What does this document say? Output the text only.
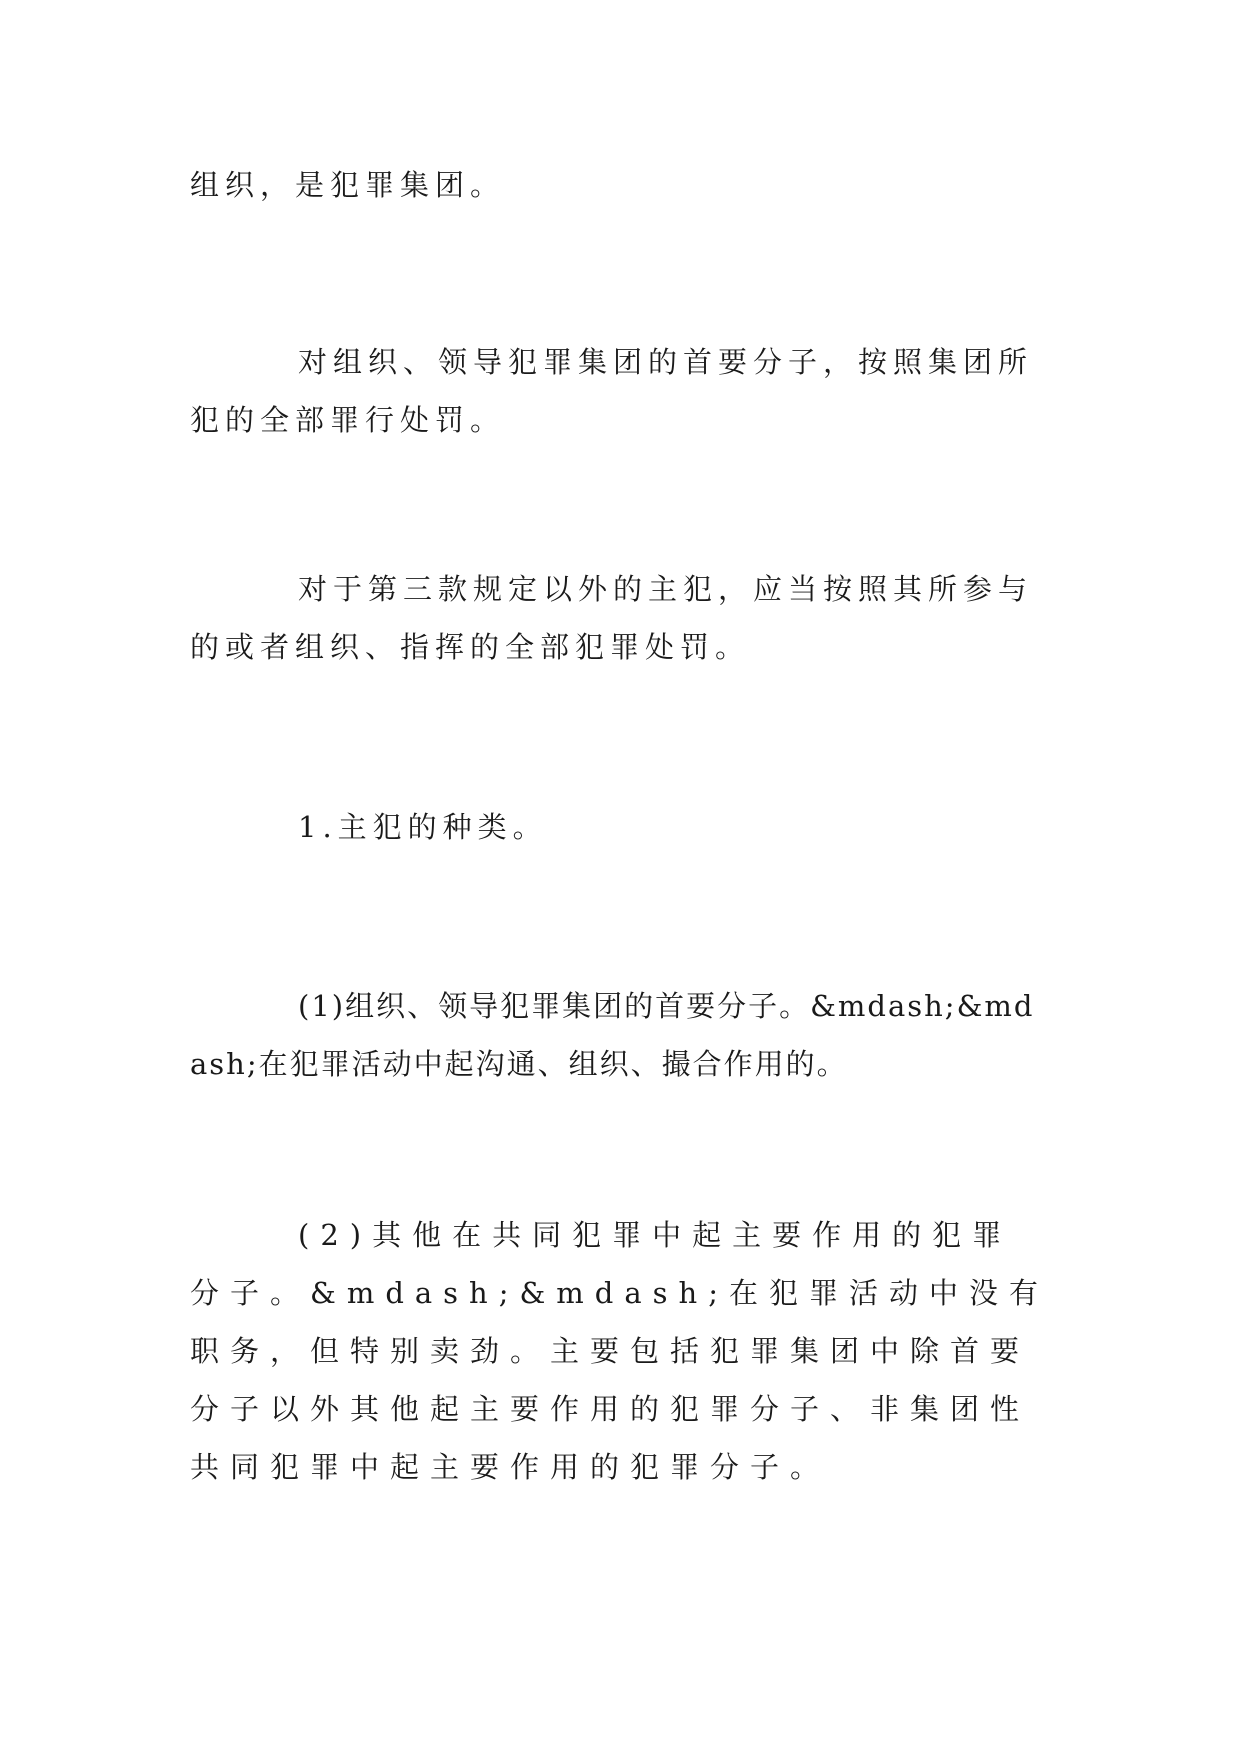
组织，是犯罪集团。

对组织、领导犯罪集团的首要分子，按照集团所犯的全部罪行处罚。

对于第三款规定以外的主犯，应当按照其所参与的或者组织、指挥的全部犯罪处罚。

1.主犯的种类。

(1)组织、领导犯罪集团的首要分子。&mdash;&mdash;在犯罪活动中起沟通、组织、撮合作用的。

(2)其他在共同犯罪中起主要作用的犯罪分子。&mdash;&mdash;在犯罪活动中没有职务，但特别卖劲。主要包括犯罪集团中除首要分子以外其他起主要作用的犯罪分子、非集团性共同犯罪中起主要作用的犯罪分子。
